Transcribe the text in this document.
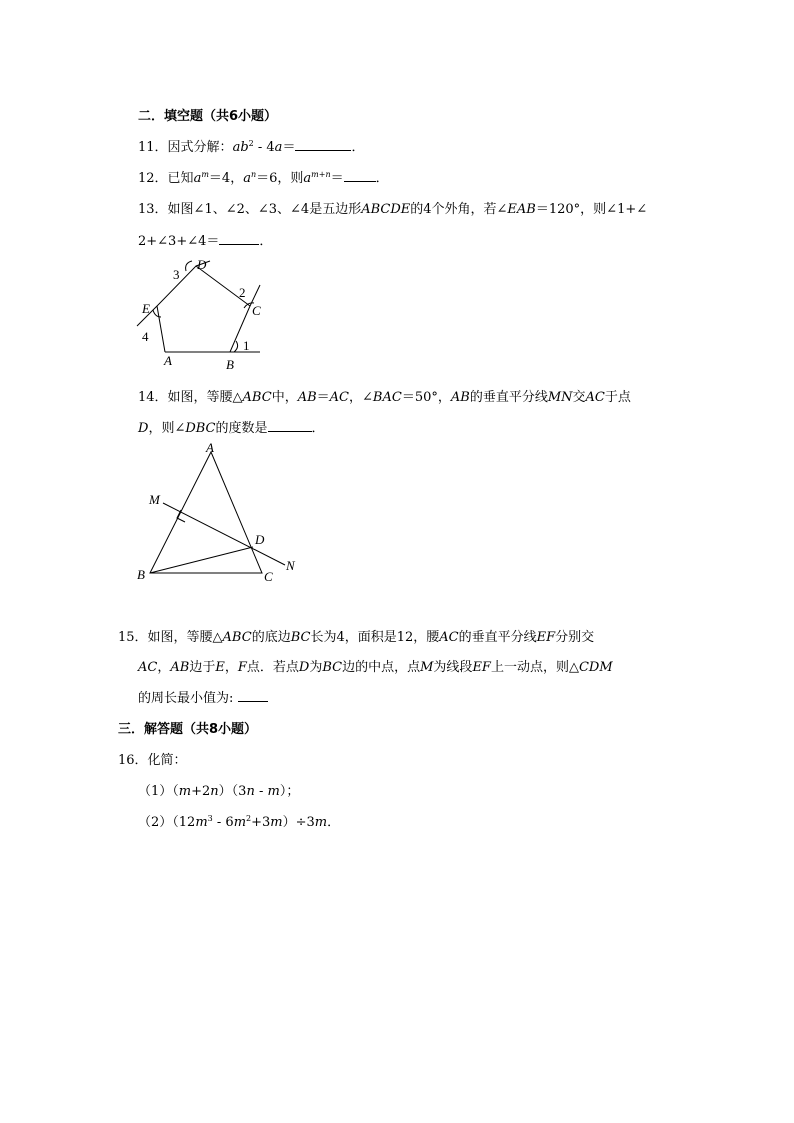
二．填空题（共6小题）
11．因式分解：$ab^2 - 4a=$	．
12．已知$a^m=4$，$a^n=6$，则$a^{m+n}=$ ．
13．如图∠1、∠2、∠3、∠4是五边形ABCDE的4个外角，若∠EAB＝120°，则∠1+∠
2+∠3+∠4＝	．
D
3
2
C
E
4
A	B
1
14．如图，等腰△ABC中，AB＝AC，∠BAC＝50°，AB的垂直平分线MN交AC于点
D，则∠DBC的度数是	．
A
M
D
N
B	C
15．如图，等腰△ABC的底边BC长为4，面积是12，腰AC的垂直平分线EF分别交
AC，AB边于E，F点．若点D为BC边的中点，点M为线段EF上一动点，则△CDM
的周长最小值为:
三．解答题（共8小题）
16．化简：
（1）（m+2n）（3n - m）；
$(2)(12m^3 - 6m^2+3m)\div 3m$．
